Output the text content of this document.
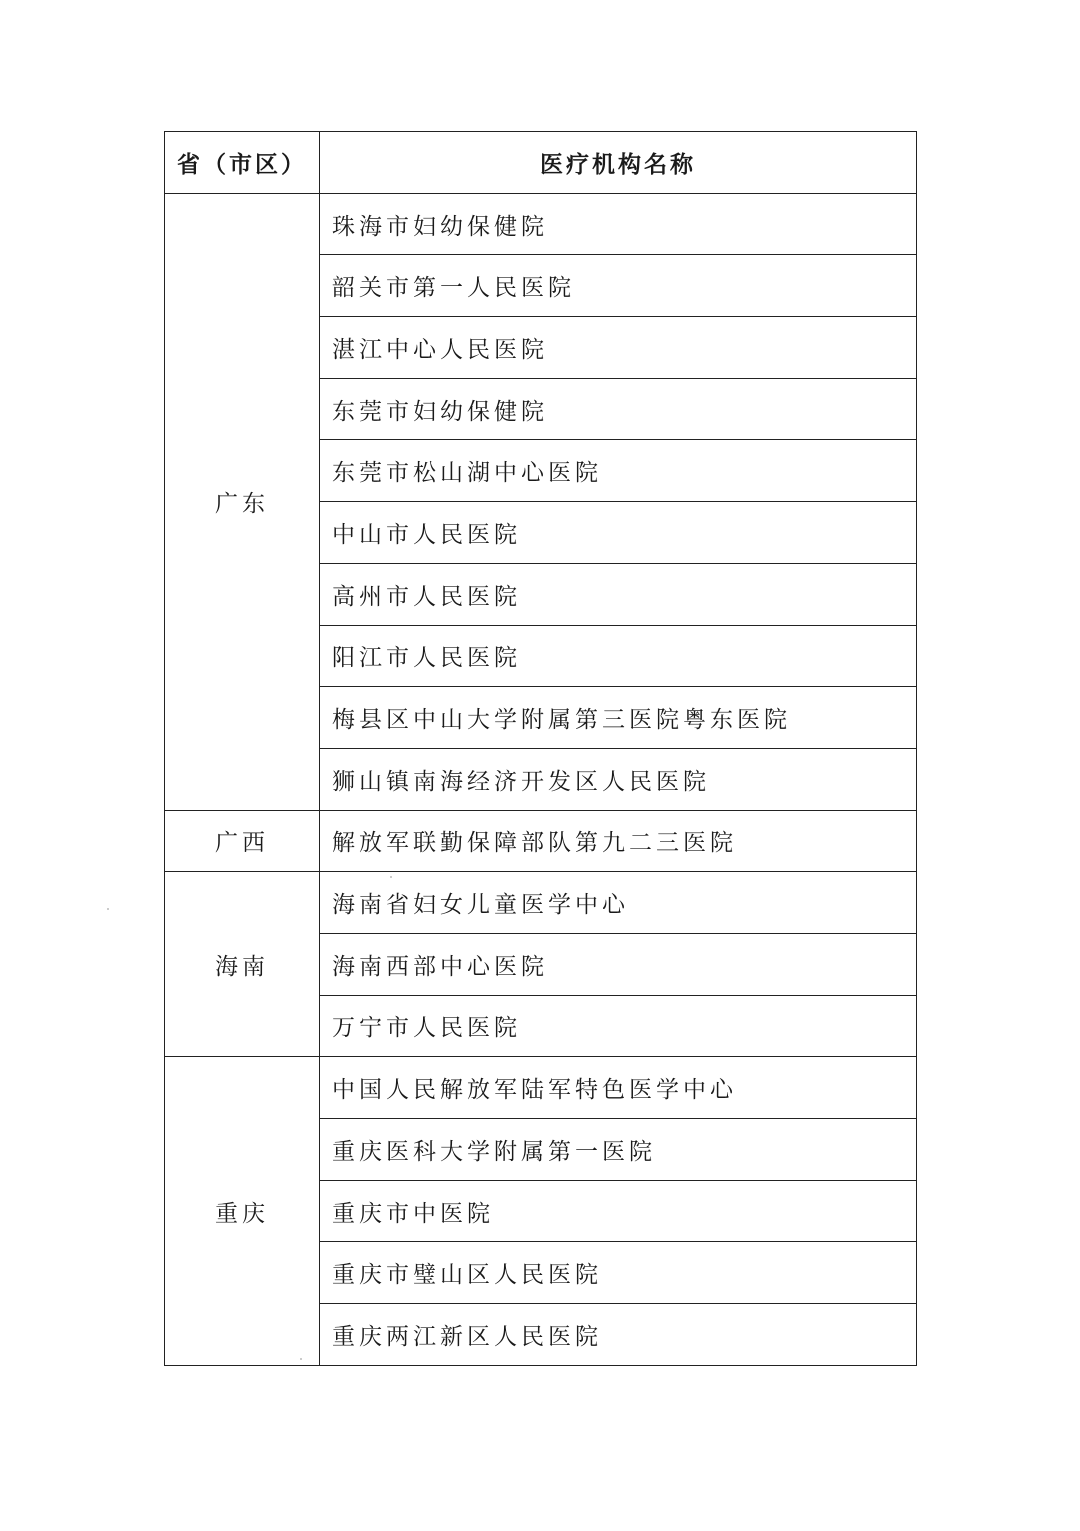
省（市区）	医疗机构名称
广东	珠海市妇幼保健院
	韶关市第一人民医院
	湛江中心人民医院
	东莞市妇幼保健院
	东莞市松山湖中心医院
	中山市人民医院
	高州市人民医院
	阳江市人民医院
	梅县区中山大学附属第三医院粤东医院
	狮山镇南海经济开发区人民医院
广西	解放军联勤保障部队第九二三医院
海南	海南省妇女儿童医学中心
	海南西部中心医院
	万宁市人民医院
重庆	中国人民解放军陆军特色医学中心
	重庆医科大学附属第一医院
	重庆市中医院
	重庆市璧山区人民医院
	重庆两江新区人民医院
